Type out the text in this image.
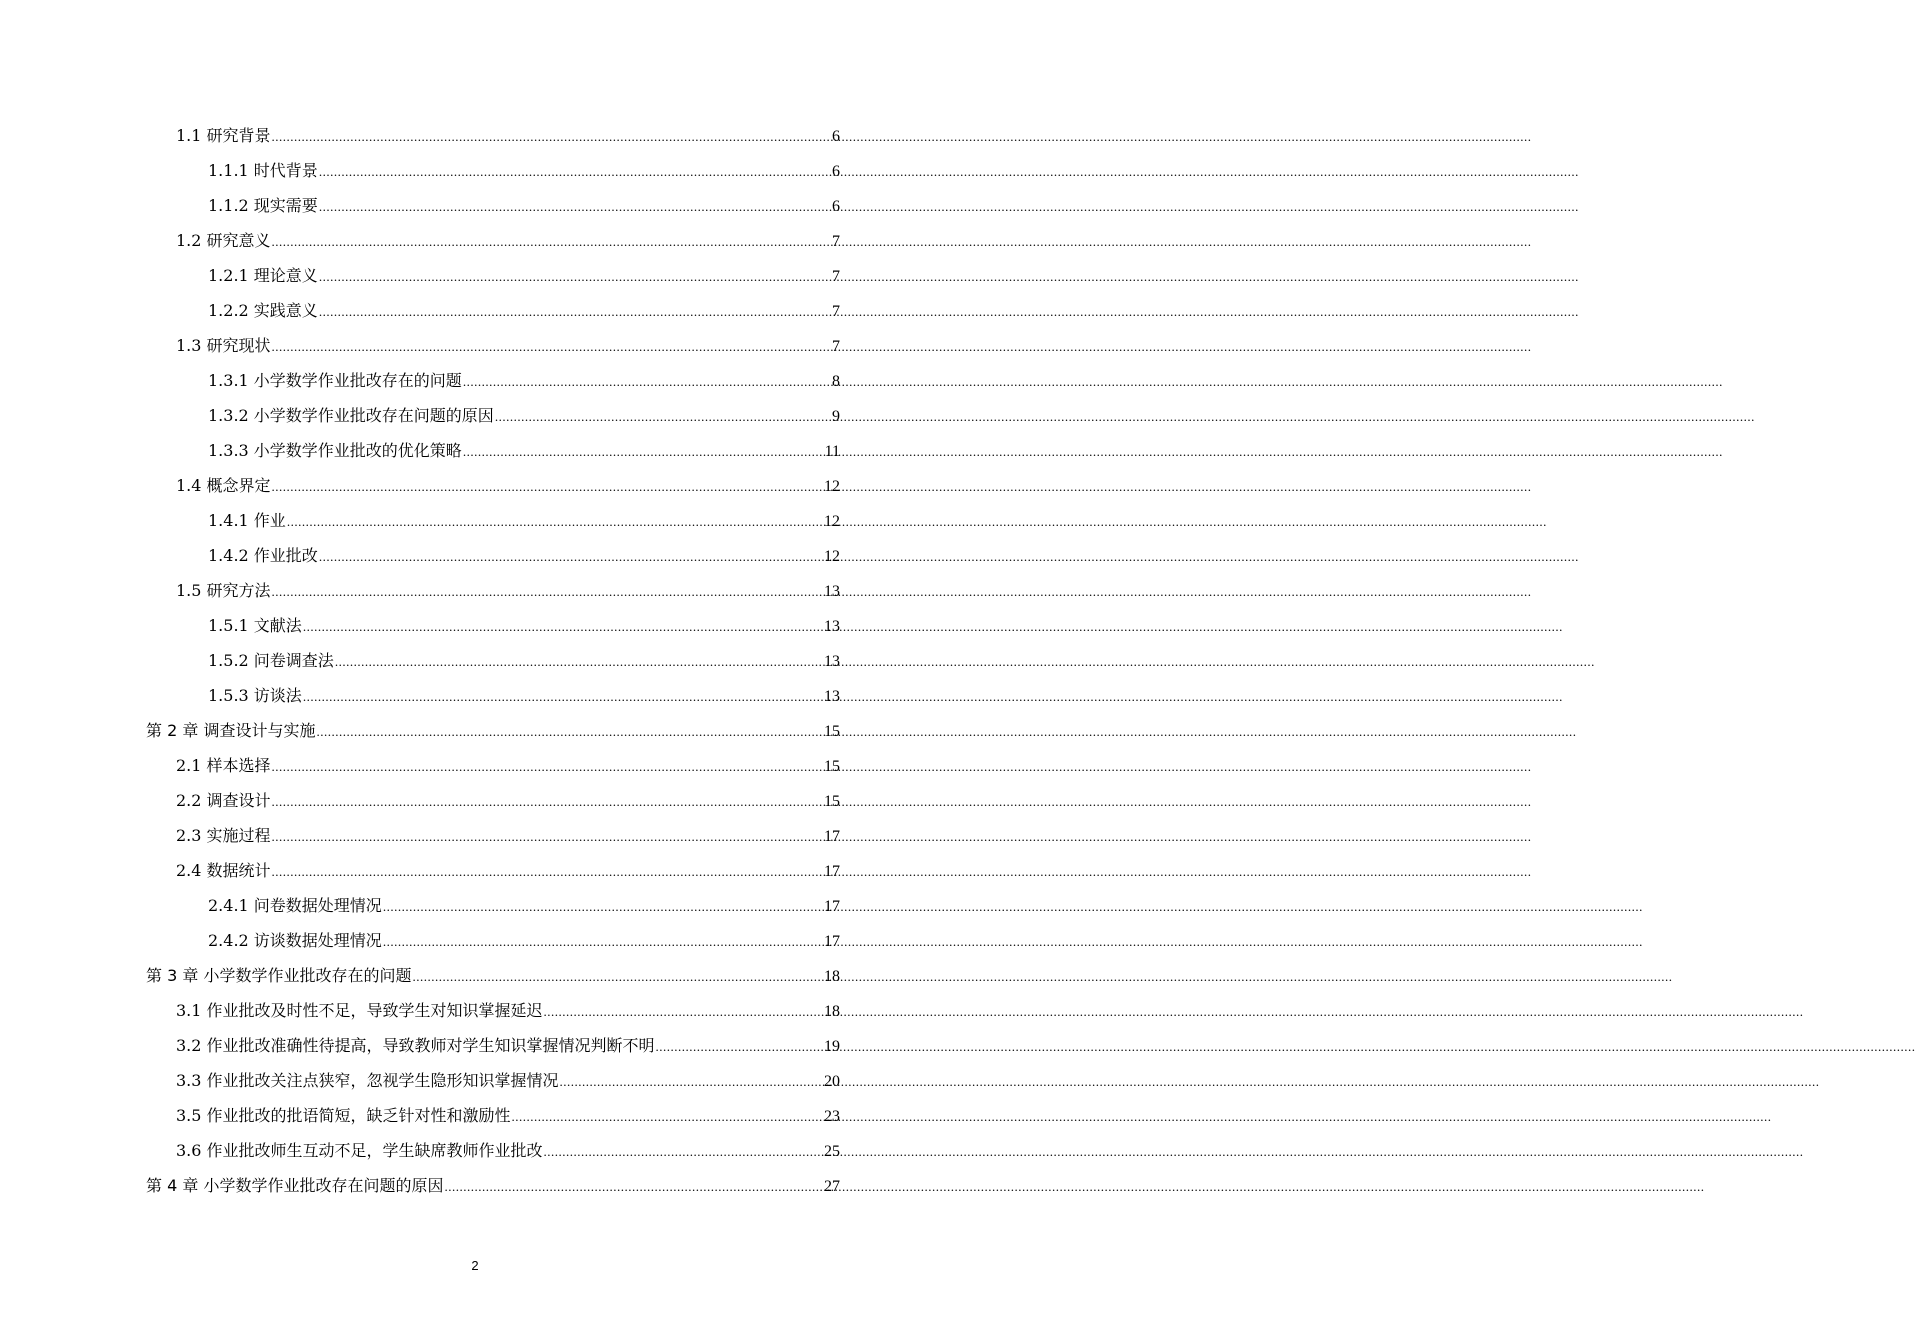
1.1 研究背景 .....	6
1.1.1 时代背景 .....	6
1.1.2 现实需要 .....	6
1.2 研究意义 .....	7
1.2.1 理论意义 .....	7
1.2.2 实践意义 .....	7
1.3 研究现状 .....	7
1.3.1 小学数学作业批改存在的问题 .....	8
1.3.2 小学数学作业批改存在问题的原因 .....	9
1.3.3 小学数学作业批改的优化策略 .....	11
1.4 概念界定 .....	12
1.4.1 作业 .....	12
1.4.2 作业批改 .....	12
1.5 研究方法 .....	13
1.5.1 文献法 .....	13
1.5.2 问卷调查法 .....	13
1.5.3 访谈法 .....	13
第 2 章 调查设计与实施 .....	15
2.1 样本选择 .....	15
2.2 调查设计 .....	15
2.3 实施过程 .....	17
2.4 数据统计 .....	17
2.4.1 问卷数据处理情况 .....	17
2.4.2 访谈数据处理情况 .....	17
第 3 章 小学数学作业批改存在的问题 .....	18
3.1 作业批改及时性不足，导致学生对知识掌握延迟 .....	18
3.2 作业批改准确性待提高，导致教师对学生知识掌握情况判断不明 .....	19
3.3 作业批改关注点狭窄，忽视学生隐形知识掌握情况 .....	20
3.5 作业批改的批语简短，缺乏针对性和激励性 .....	23
3.6 作业批改师生互动不足，学生缺席教师作业批改 .....	25
第 4 章 小学数学作业批改存在问题的原因 .....	27
2
